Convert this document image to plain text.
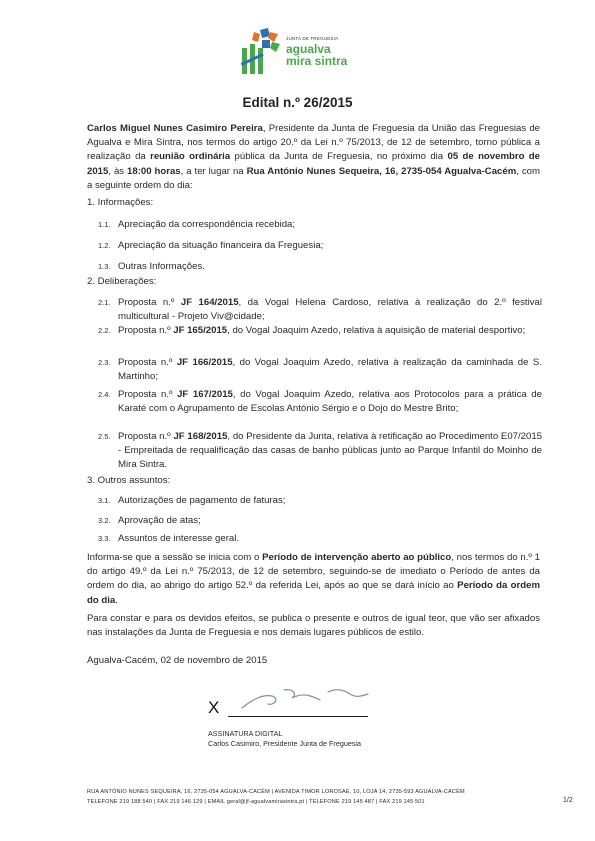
JUNTA DE FREGUESIA
agualva
mira sintra
Edital n.º 26/2015
Carlos Miguel Nunes Casimiro Pereira, Presidente da Junta de Freguesia da União das Freguesias de Agualva e Mira Sintra, nos termos do artigo 20.º da Lei n.º 75/2013, de 12 de setembro, torno pública a realização da reunião ordinária pública da Junta de Freguesia, no próximo dia 05 de novembro de 2015, às 18:00 horas, a ter lugar na Rua António Nunes Sequeira, 16, 2735-054 Agualva-Cacém, com a seguinte ordem do dia:
1. Informações:
1.1. Apreciação da correspondência recebida;
1.2. Apreciação da situação financeira da Freguesia;
1.3. Outras Informações.
2. Deliberações:
2.1. Proposta n.º JF 164/2015, da Vogal Helena Cardoso, relativa à realização do 2.º festival multicultural - Projeto Viv@cidade;
2.2. Proposta n.º JF 165/2015, do Vogal Joaquim Azedo, relativa à aquisição de material desportivo;
2.3. Proposta n.º JF 166/2015, do Vogal Joaquim Azedo, relativa à realização da caminhada de S. Martinho;
2.4. Proposta n.º JF 167/2015, do Vogal Joaquim Azedo, relativa aos Protocolos para a prática de Karaté com o Agrupamento de Escolas António Sérgio e o Dojo do Mestre Brito;
2.5. Proposta n.º JF 168/2015, do Presidente da Junta, relativa à retificação ao Procedimento E07/2015 - Empreitada de requalificação das casas de banho públicas junto ao Parque Infantil do Moinho de Mira Sintra.
3. Outros assuntos:
3.1. Autorizações de pagamento de faturas;
3.2. Aprovação de atas;
3.3. Assuntos de interesse geral.
Informa-se que a sessão se inicia com o Período de intervenção aberto ao público, nos termos do n.º 1 do artigo 49.º da Lei n.º 75/2013, de 12 de setembro, seguindo-se de imediato o Período de antes da ordem do dia, ao abrigo do artigo 52.º da referida Lei, após ao que se dará início ao Período da ordem do dia.
Para constar e para os devidos efeitos, se publica o presente e outros de igual teor, que vão ser afixados nas instalações da Junta de Freguesia e nos demais lugares públicos de estilo.
Agualva-Cacém, 02 de novembro de 2015
X
ASSINATURA DIGITAL
Carlos Casimiro, Presidente Junta de Freguesia
RUA ANTÓNIO NUNES SEQUEIRA, 16, 2735-054 AGUALVA-CACÉM | AVENIDA TIMOR LOROSAE, 10, LOJA 14, 2735-593 AGUALVA-CACÉM
TELEFONE 219 188 540 | FAX 219 146 129 | EMAIL geral@jf-agualvamirasintra.pt | TELEFONE 219 145 487 | FAX 219 145 501	1/2
